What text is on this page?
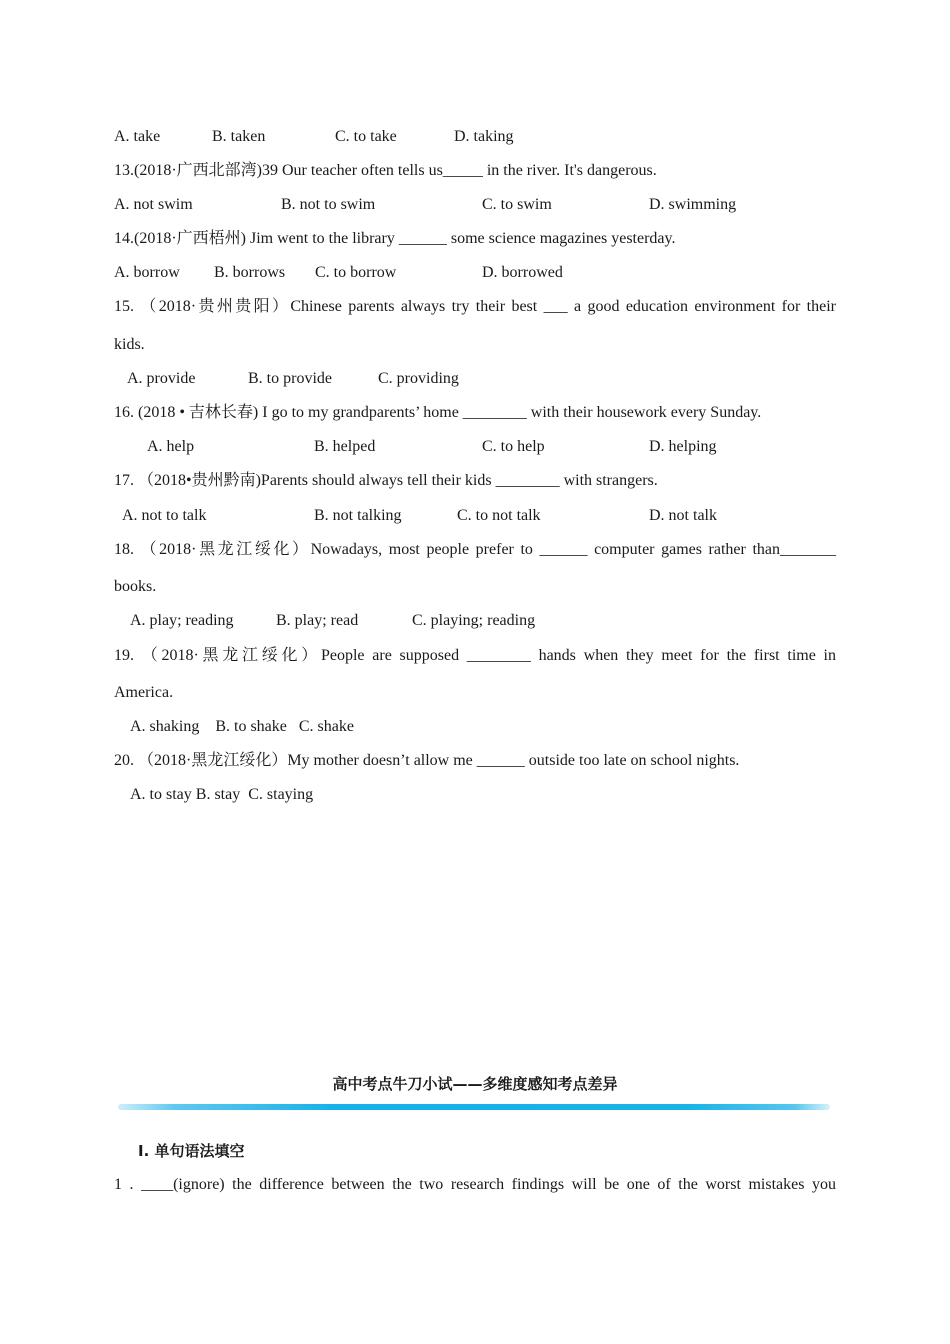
A. take	B. taken	C. to take	D. taking
13.(2018·广西北部湾)39 Our teacher often tells us_____ in the river. It's dangerous.
A. not swim	B. not to swim	C. to swim	D. swimming
14.(2018·广西梧州) Jim went to the library ______ some science magazines yesterday.
A. borrow B. borrows C. to borrow	D. borrowed
15. （2018·贵州贵阳）Chinese parents always try their best ___ a good education environment for their
kids.
A. provide	B. to provide	C. providing
16. (2018 • 吉林长春) I go to my grandparents’ home ________ with their housework every Sunday.
A. help	B. helped	C. to help	D. helping
17. （2018•贵州黔南)Parents should always tell their kids ________ with strangers.
A. not to talk	B. not talking	C. to not talk	D. not talk
18. （2018·黑龙江绥化）Nowadays, most people prefer to ______ computer games rather than_______
books.
A. play; reading	B. play; read	C. playing; reading
19. （2018·黑龙江绥化）People are supposed ________ hands when they meet for the first time in
America.
A. shaking    B. to shake   C. shake
20. （2018·黑龙江绥化）My mother doesn’t allow me ______ outside too late on school nights.
A. to stay B. stay  C. staying
高中考点牛刀小试——多维度感知考点差异
Ⅰ. 单句语法填空
1 . ____(ignore) the difference between the two research findings will be one of the worst mistakes you
